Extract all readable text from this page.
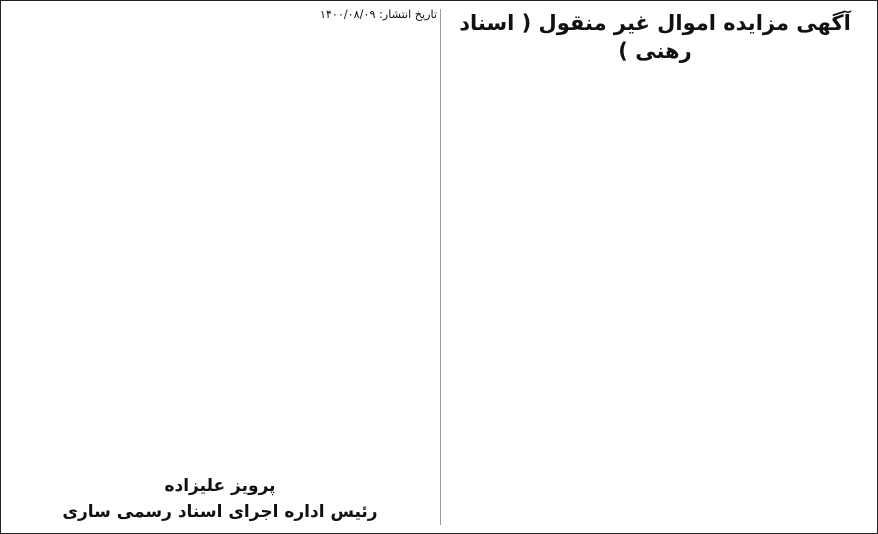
آگهی مزایده اموال غیر منقول ( اسناد رهنی )
تاریخ انتشار: ۱۴۰۰/۰۸/۰۹
پرویز علیزاده
رئیس اداره اجرای اسناد رسمی ساری
